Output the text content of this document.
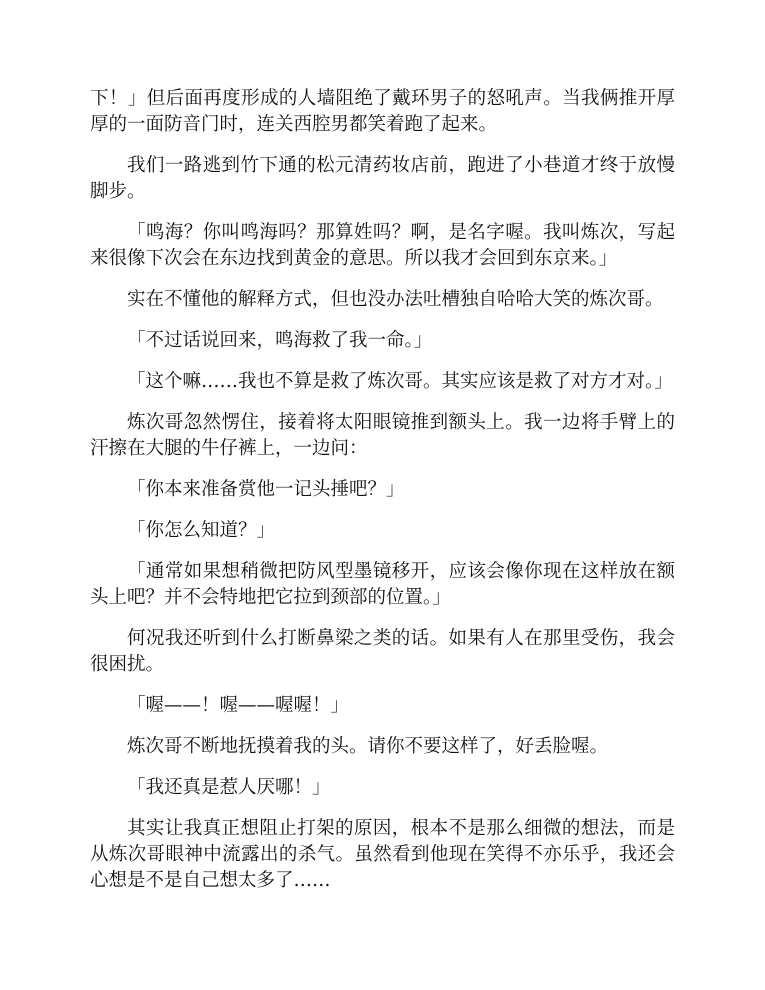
下！」但后面再度形成的人墙阻绝了戴环男子的怒吼声。当我俩推开厚厚的一面防音门时，连关西腔男都笑着跑了起来。

我们一路逃到竹下通的松元清药妆店前，跑进了小巷道才终于放慢脚步。

「鸣海？你叫鸣海吗？那算姓吗？啊，是名字喔。我叫炼次，写起来很像下次会在东边找到黄金的意思。所以我才会回到东京来。」

实在不懂他的解释方式，但也没办法吐槽独自哈哈大笑的炼次哥。

「不过话说回来，鸣海救了我一命。」

「这个嘛……我也不算是救了炼次哥。其实应该是救了对方才对。」

炼次哥忽然愣住，接着将太阳眼镜推到额头上。我一边将手臂上的汗擦在大腿的牛仔裤上，一边问：

「你本来准备赏他一记头捶吧？」

「你怎么知道？」

「通常如果想稍微把防风型墨镜移开，应该会像你现在这样放在额头上吧？并不会特地把它拉到颈部的位置。」

何况我还听到什么打断鼻梁之类的话。如果有人在那里受伤，我会很困扰。

「喔——！喔——喔喔！」

炼次哥不断地抚摸着我的头。请你不要这样了，好丢脸喔。

「我还真是惹人厌哪！」

其实让我真正想阻止打架的原因，根本不是那么细微的想法，而是从炼次哥眼神中流露出的杀气。虽然看到他现在笑得不亦乐乎，我还会心想是不是自己想太多了……
